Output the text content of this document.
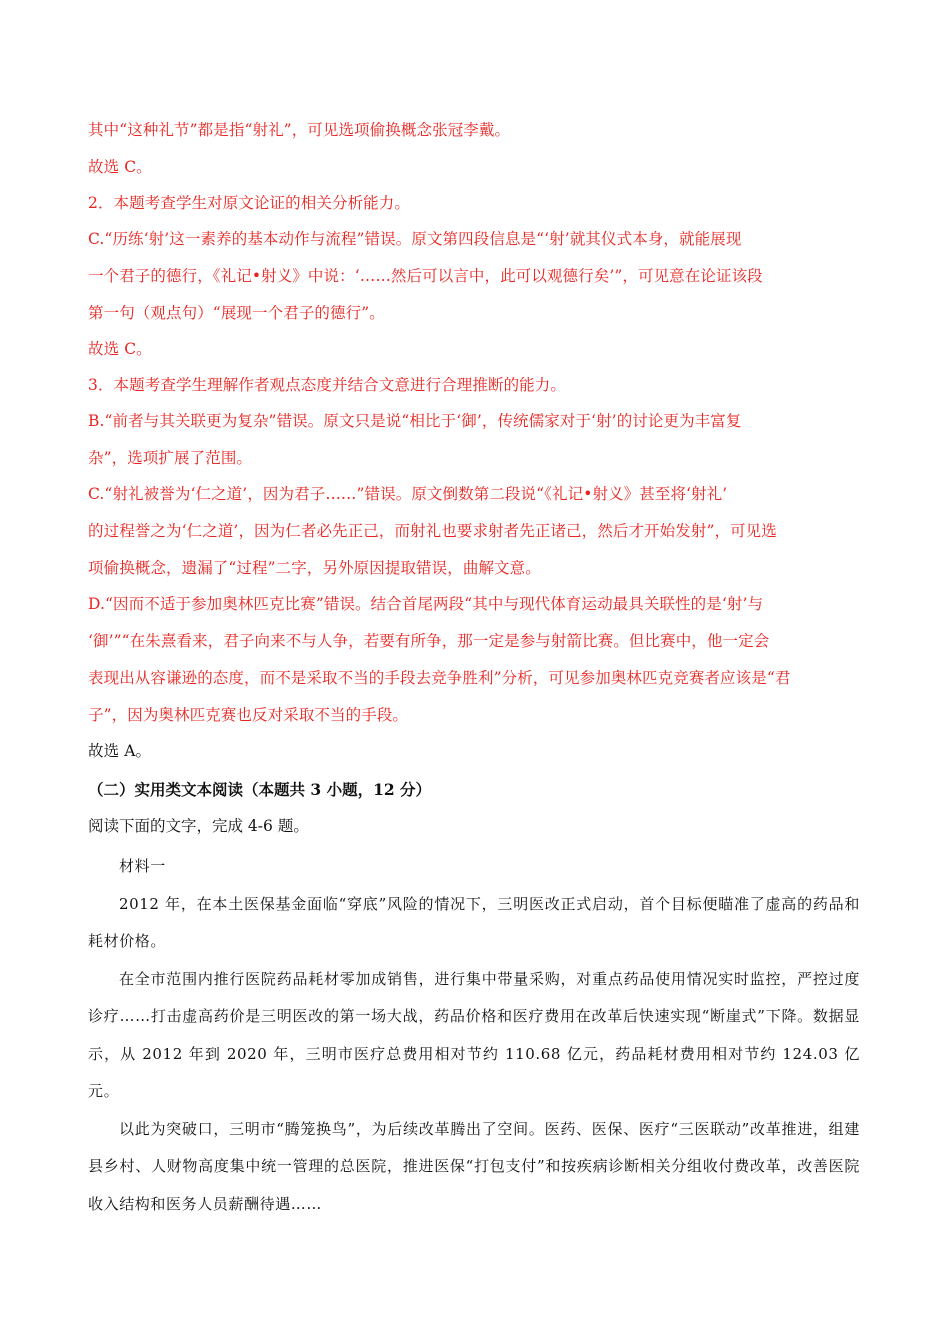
其中“这种礼节”都是指“射礼”，可见选项偷换概念张冠李戴。

故选 C。

2．本题考查学生对原文论证的相关分析能力。

C.“历练‘射’这一素养的基本动作与流程”错误。原文第四段信息是“‘射’就其仪式本身，就能展现

一个君子的德行，《礼记•射义》中说：‘……然后可以言中，此可以观德行矣’”，可见意在论证该段

第一句（观点句）“展现一个君子的德行”。

故选 C。

3．本题考查学生理解作者观点态度并结合文意进行合理推断的能力。

B.“前者与其关联更为复杂”错误。原文只是说“相比于‘御’，传统儒家对于‘射’的讨论更为丰富复

杂”，选项扩展了范围。

C.“射礼被誉为‘仁之道’，因为君子……”错误。原文倒数第二段说“《礼记•射义》甚至将‘射礼’

的过程誉之为‘仁之道’，因为仁者必先正己，而射礼也要求射者先正诸己，然后才开始发射”，可见选

项偷换概念，遗漏了“过程”二字，另外原因提取错误，曲解文意。

D.“因而不适于参加奥林匹克比赛”错误。结合首尾两段“其中与现代体育运动最具关联性的是‘射’与

‘御’”“在朱熹看来，君子向来不与人争，若要有所争，那一定是参与射箭比赛。但比赛中，他一定会

表现出从容谦逊的态度，而不是采取不当的手段去竞争胜利”分析，可见参加奥林匹克竞赛者应该是“君

子”，因为奥林匹克赛也反对采取不当的手段。

故选 A。

（二）实用类文本阅读（本题共 3 小题，12 分）

阅读下面的文字，完成 4-6 题。

材料一

2012 年，在本土医保基金面临“穿底”风险的情况下，三明医改正式启动，首个目标便瞄准了虚高的药品和耗材价格。

在全市范围内推行医院药品耗材零加成销售，进行集中带量采购，对重点药品使用情况实时监控，严控过度诊疗……打击虚高药价是三明医改的第一场大战，药品价格和医疗费用在改革后快速实现“断崖式”下降。数据显示，从 2012 年到 2020 年，三明市医疗总费用相对节约 110.68 亿元，药品耗材费用相对节约 124.03 亿元。

以此为突破口，三明市“腾笼换鸟”，为后续改革腾出了空间。医药、医保、医疗“三医联动”改革推进，组建县乡村、人财物高度集中统一管理的总医院，推进医保“打包支付”和按疾病诊断相关分组收付费改革，改善医院收入结构和医务人员薪酬待遇……
